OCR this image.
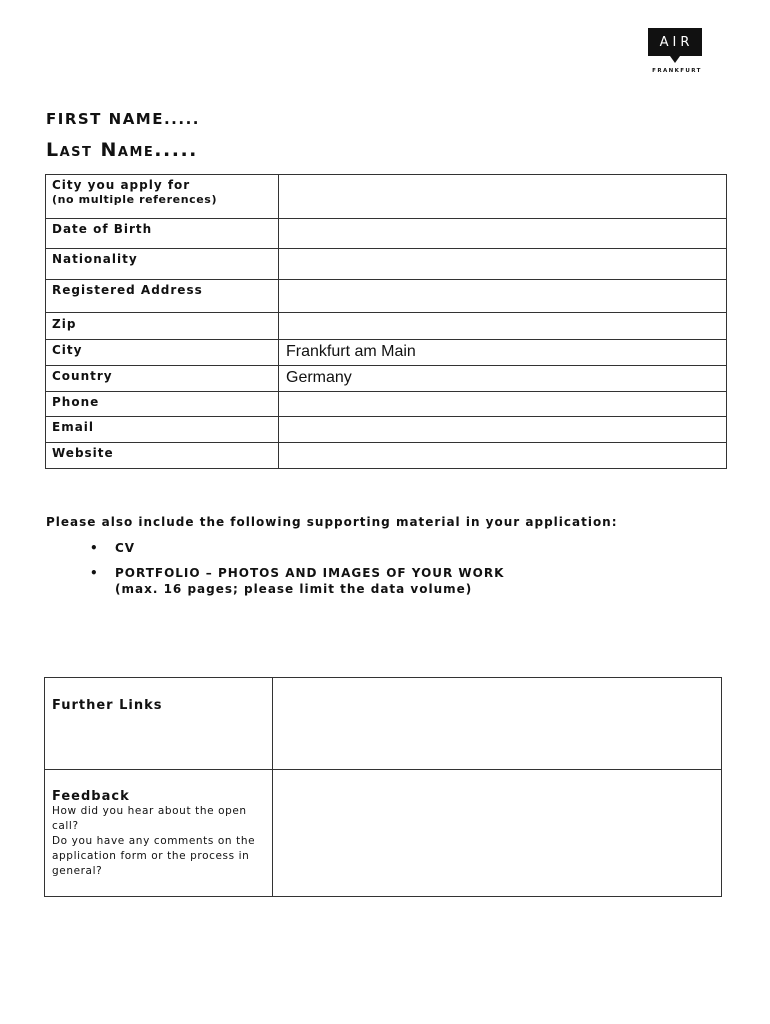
AIR
FRANKFURT
FIRST NAME.....
Last Name.....
City you apply for
(no multiple references)	
Date of Birth	
Nationality	
Registered Address	
Zip	
City	Frankfurt am Main
Country	Germany
Phone	
Email	
Website	
Please also include the following supporting material in your application:
• CV
• PORTFOLIO – PHOTOS AND IMAGES OF YOUR WORK
(max. 16 pages; please limit the data volume)
Further Links	

Feedback
How did you hear about the open call?
Do you have any comments on the application form or the process in general?	
